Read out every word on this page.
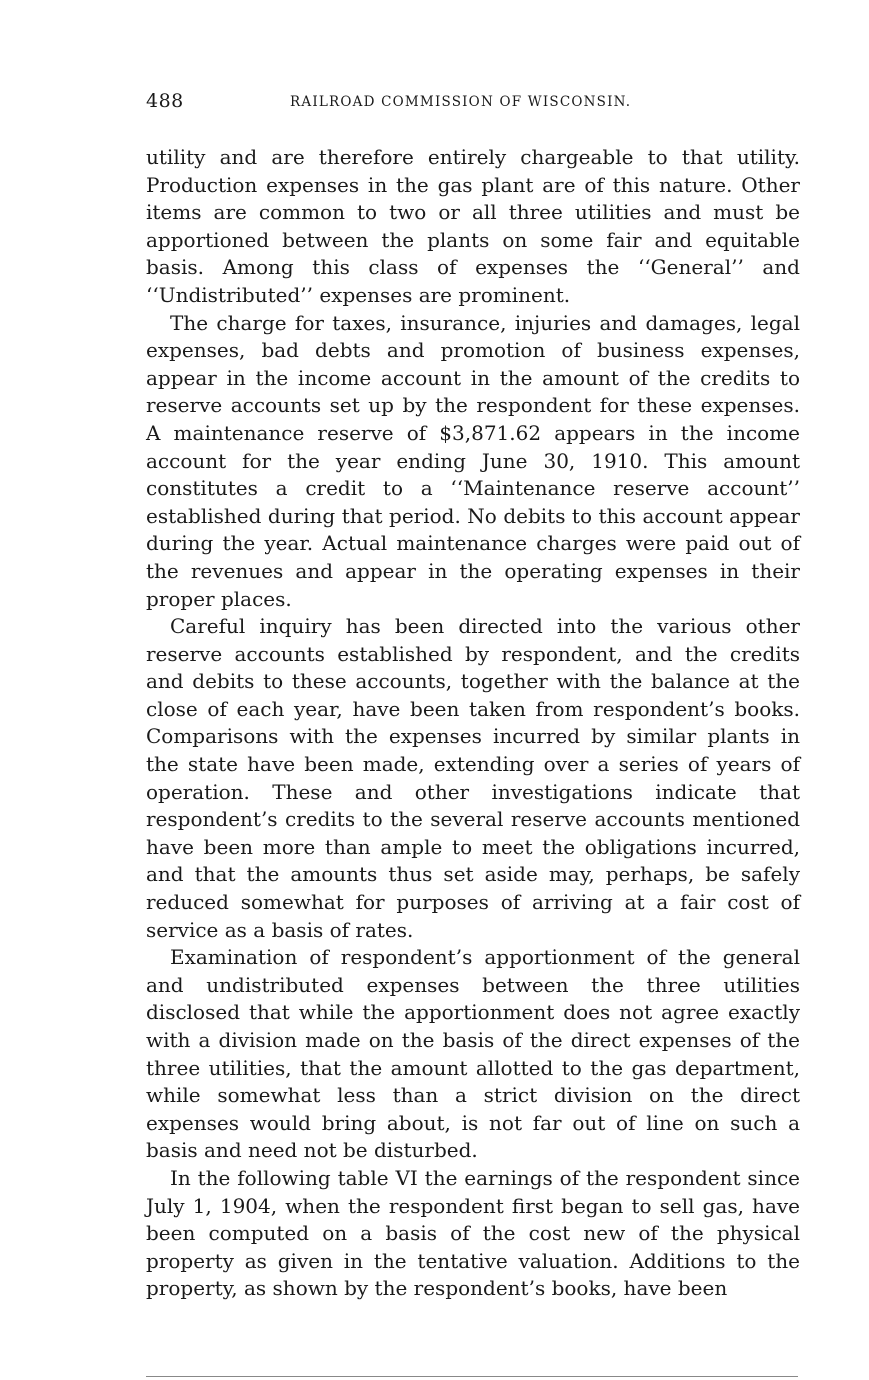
488	RAILROAD COMMISSION OF WISCONSIN.

utility and are therefore entirely chargeable to that utility. Production expenses in the gas plant are of this nature. Other items are common to two or all three utilities and must be apportioned between the plants on some fair and equitable basis. Among this class of expenses the ‘‘General’’ and ‘‘Undistributed’’ expenses are prominent.

The charge for taxes, insurance, injuries and damages, legal expenses, bad debts and promotion of business expenses, appear in the income account in the amount of the credits to reserve accounts set up by the respondent for these expenses. A maintenance reserve of $3,871.62 appears in the income account for the year ending June 30, 1910. This amount constitutes a credit to a ‘‘Maintenance reserve account’’ established during that period. No debits to this account appear during the year. Actual maintenance charges were paid out of the revenues and appear in the operating expenses in their proper places.

Careful inquiry has been directed into the various other reserve accounts established by respondent, and the credits and debits to these accounts, together with the balance at the close of each year, have been taken from respondent’s books. Comparisons with the expenses incurred by similar plants in the state have been made, extending over a series of years of operation. These and other investigations indicate that respondent’s credits to the several reserve accounts mentioned have been more than ample to meet the obligations incurred, and that the amounts thus set aside may, perhaps, be safely reduced somewhat for purposes of arriving at a fair cost of service as a basis of rates.

Examination of respondent’s apportionment of the general and undistributed expenses between the three utilities disclosed that while the apportionment does not agree exactly with a division made on the basis of the direct expenses of the three utilities, that the amount allotted to the gas department, while somewhat less than a strict division on the direct expenses would bring about, is not far out of line on such a basis and need not be disturbed.

In the following table VI the earnings of the respondent since July 1, 1904, when the respondent first began to sell gas, have been computed on a basis of the cost new of the physical property as given in the tentative valuation. Additions to the property, as shown by the respondent’s books, have been
